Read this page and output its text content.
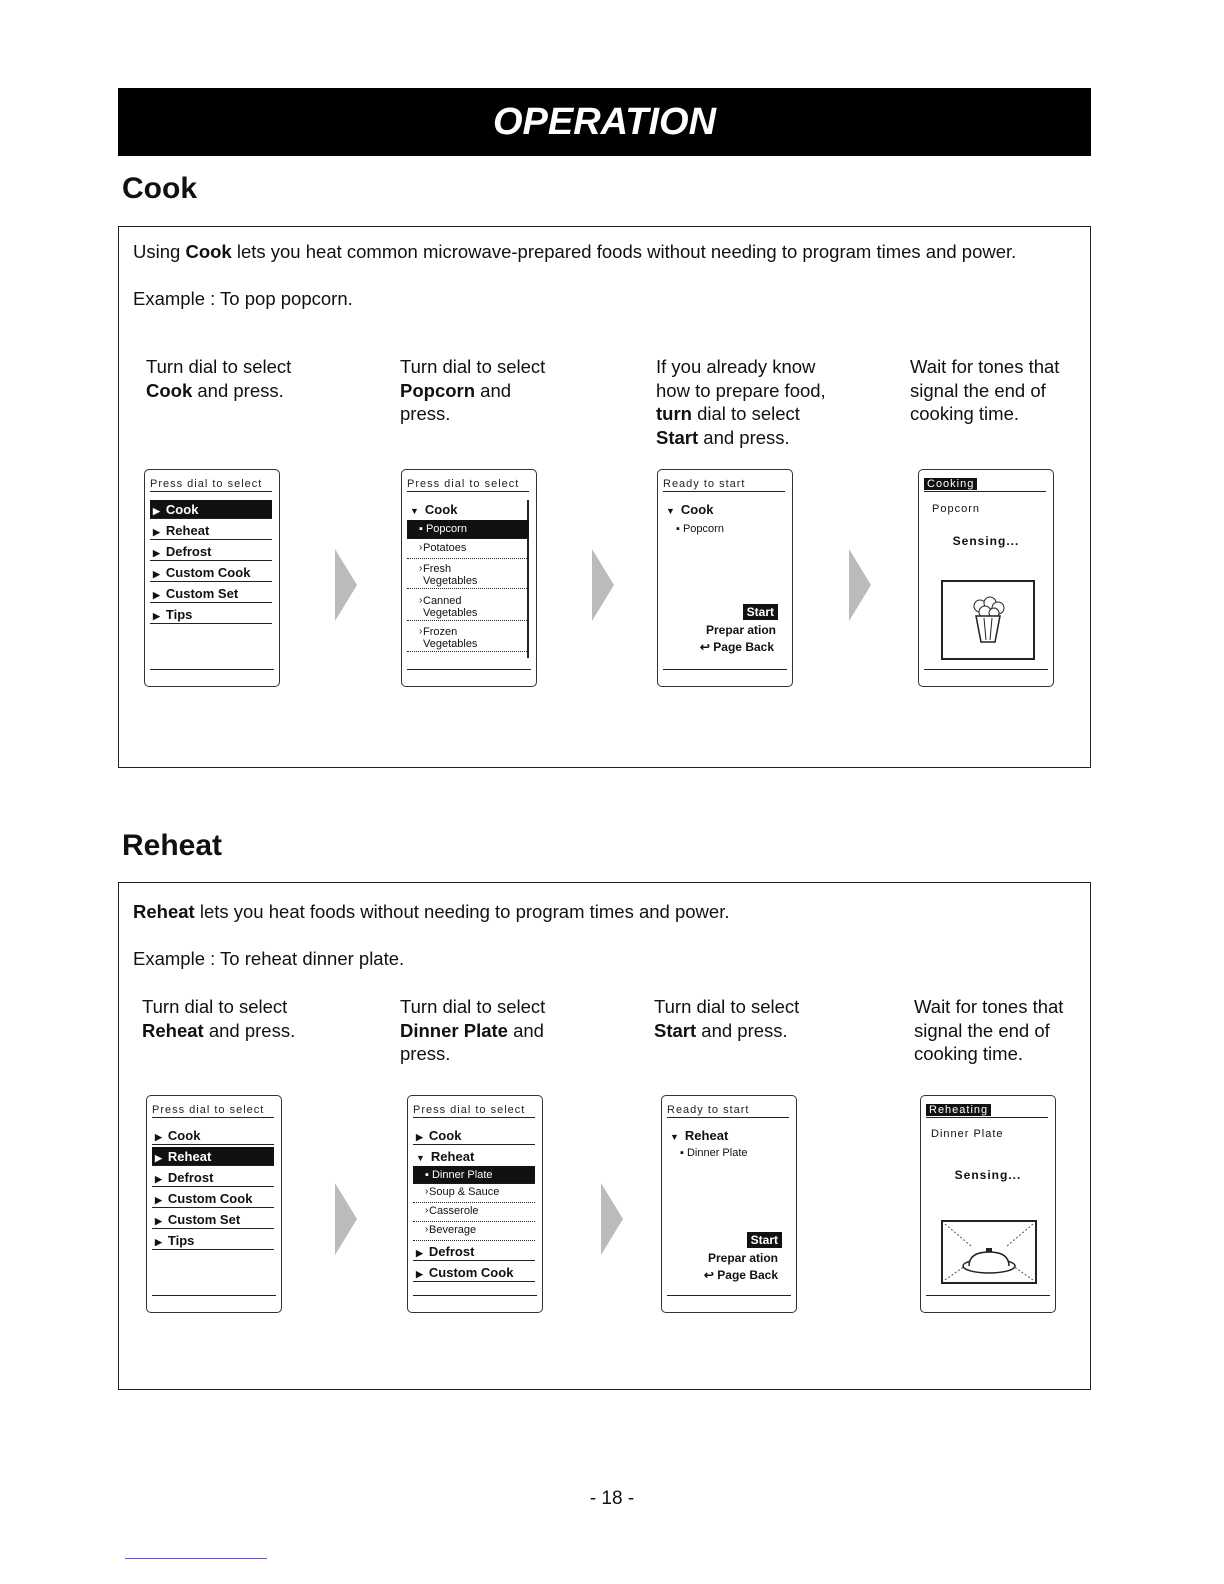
OPERATION
Cook
Using Cook lets you heat common microwave-prepared foods without needing to program times and power.
Example : To pop popcorn.
Turn dial to select
Cook and press.
Turn dial to select
Popcorn and
press.
If you already know
how to prepare food,
turn dial to select
Start and press.
Wait for tones that
signal the end of
cooking time.
Press dial to select
▶ Cook
▶ Reheat
▶ Defrost
▶ Custom Cook
▶ Custom Set
▶ Tips
Press dial to select
▼ Cook
▪ Popcorn
› Potatoes
› Fresh
Vegetables
› Canned
Vegetables
› Frozen
Vegetables
Ready to start
▼ Cook
▪ Popcorn
Start
Prepar ation
↩ Page Back
Cooking
Popcorn
Sensing...
Reheat
Reheat lets you heat foods without needing to program times and power.
Example : To reheat dinner plate.
Turn dial to select
Reheat and press.
Turn dial to select
Dinner Plate and
press.
Turn dial to select
Start and press.
Wait for tones that
signal the end of
cooking time.
Press dial to select
▶ Cook
▶ Reheat
▶ Defrost
▶ Custom Cook
▶ Custom Set
▶ Tips
Press dial to select
▶ Cook
▼ Reheat
▪ Dinner Plate
› Soup & Sauce
› Casserole
› Beverage
▶ Defrost
▶ Custom Cook
Ready to start
▼ Reheat
▪ Dinner Plate
Start
Prepar ation
↩ Page Back
Reheating
Dinner Plate
Sensing...
- 18 -
